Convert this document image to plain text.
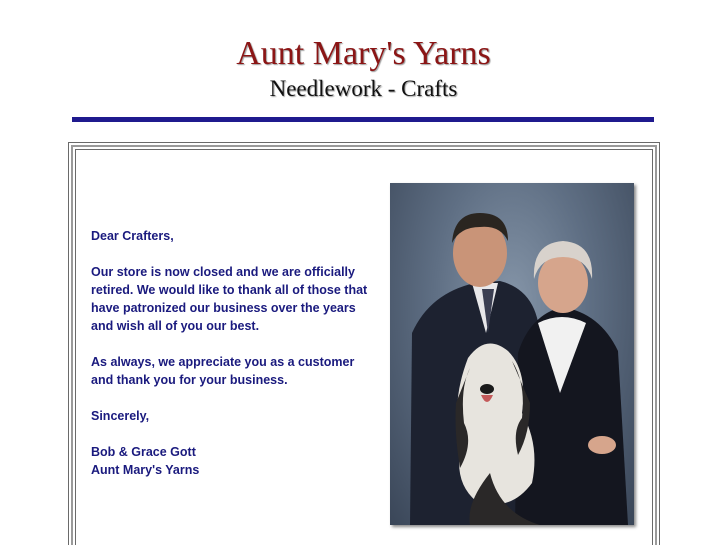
Aunt Mary's Yarns
Needlework - Crafts

Dear Crafters,

Our store is now closed and we are officially
retired. We would like to thank all of those that
have patronized our business over the years
and wish all of you our best.

As always, we appreciate you as a customer
and thank you for your business.

Sincerely,

Bob & Grace Gott
Aunt Mary's Yarns
